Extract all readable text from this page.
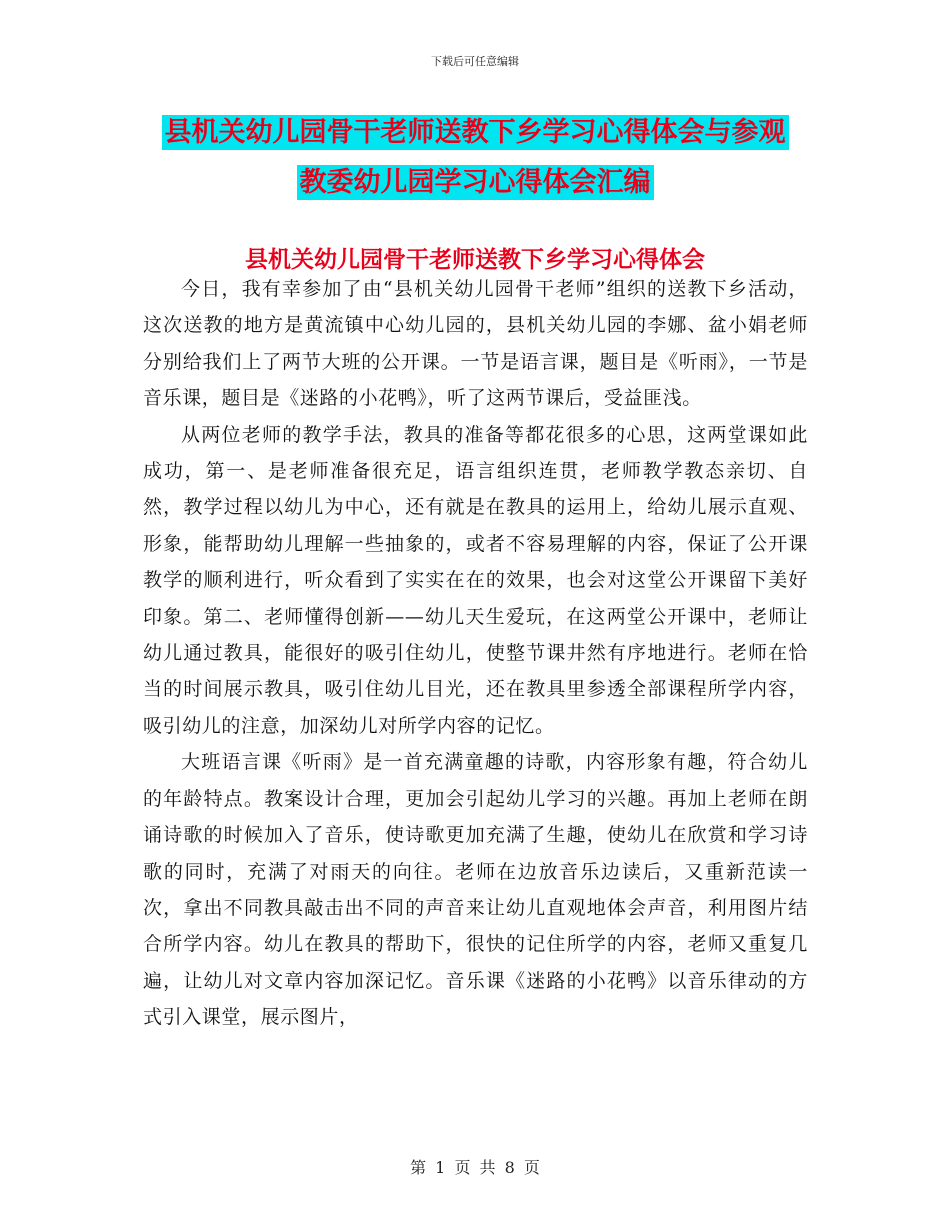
下载后可任意编辑
县机关幼儿园骨干老师送教下乡学习心得体会与参观
教委幼儿园学习心得体会汇编
县机关幼儿园骨干老师送教下乡学习心得体会

今日，我有幸参加了由“县机关幼儿园骨干老师”组织的送教下乡活动，这次送教的地方是黄流镇中心幼儿园的，县机关幼儿园的李娜、盆小娟老师分别给我们上了两节大班的公开课。一节是语言课，题目是《听雨》，一节是音乐课，题目是《迷路的小花鸭》，听了这两节课后，受益匪浅。

从两位老师的教学手法，教具的准备等都花很多的心思，这两堂课如此成功，第一、是老师准备很充足，语言组织连贯，老师教学教态亲切、自然，教学过程以幼儿为中心，还有就是在教具的运用上，给幼儿展示直观、形象，能帮助幼儿理解一些抽象的，或者不容易理解的内容，保证了公开课教学的顺利进行，听众看到了实实在在的效果，也会对这堂公开课留下美好印象。第二、老师懂得创新——幼儿天生爱玩，在这两堂公开课中，老师让幼儿通过教具，能很好的吸引住幼儿，使整节课井然有序地进行。老师在恰当的时间展示教具，吸引住幼儿目光，还在教具里参透全部课程所学内容，吸引幼儿的注意，加深幼儿对所学内容的记忆。

大班语言课《听雨》是一首充满童趣的诗歌，内容形象有趣，符合幼儿的年龄特点。教案设计合理，更加会引起幼儿学习的兴趣。再加上老师在朗诵诗歌的时候加入了音乐，使诗歌更加充满了生趣，使幼儿在欣赏和学习诗歌的同时，充满了对雨天的向往。老师在边放音乐边读后，又重新范读一次，拿出不同教具敲击出不同的声音来让幼儿直观地体会声音，利用图片结合所学内容。幼儿在教具的帮助下，很快的记住所学的内容，老师又重复几遍，让幼儿对文章内容加深记忆。音乐课《迷路的小花鸭》以音乐律动的方式引入课堂，展示图片，

第 1 页 共 8 页
